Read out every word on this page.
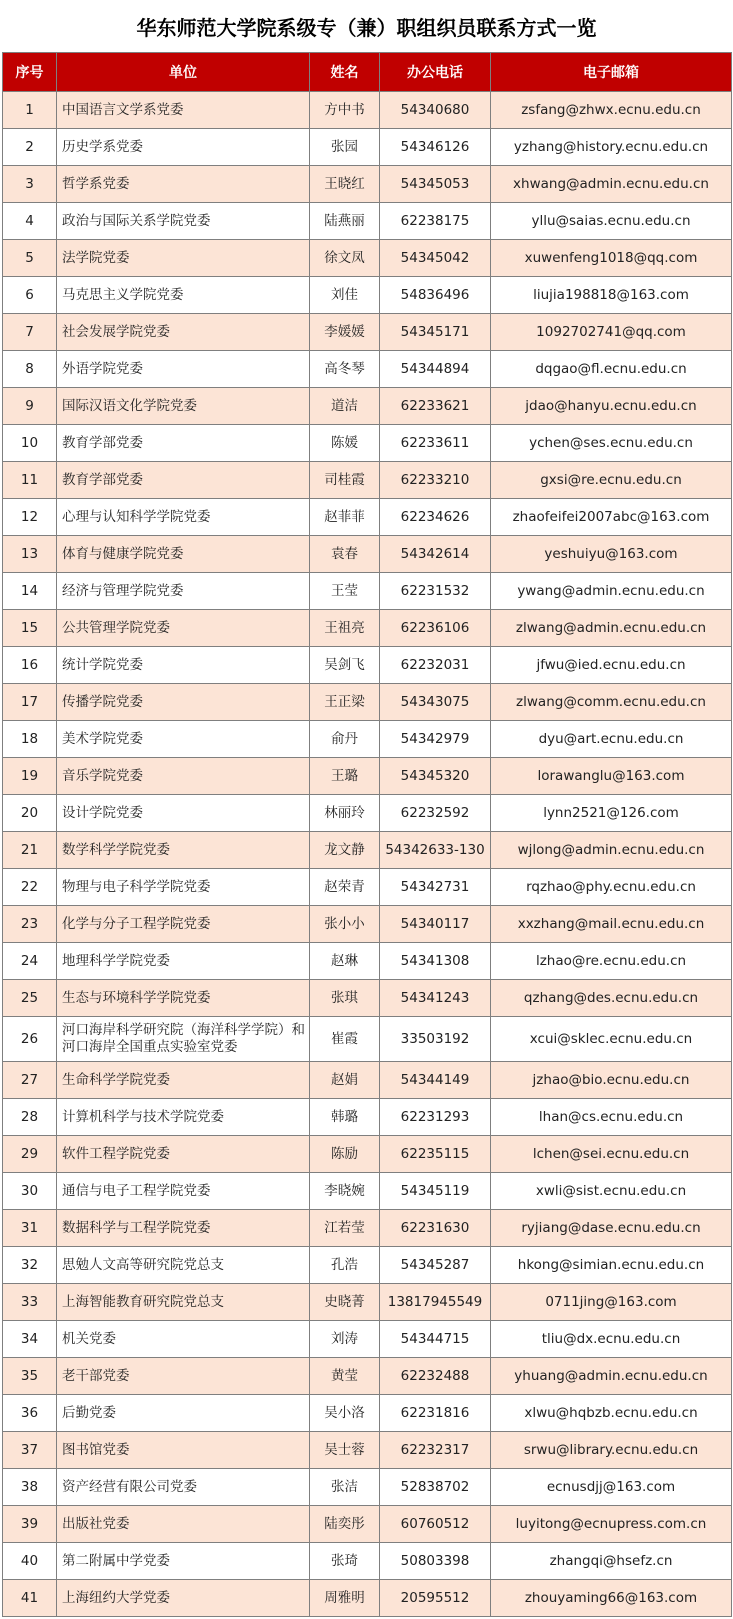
华东师范大学院系级专（兼）职组织员联系方式一览
序号	单位	姓名	办公电话	电子邮箱
1	中国语言文学系党委	方中书	54340680	zsfang@zhwx.ecnu.edu.cn
2	历史学系党委	张园	54346126	yzhang@history.ecnu.edu.cn
3	哲学系党委	王晓红	54345053	xhwang@admin.ecnu.edu.cn
4	政治与国际关系学院党委	陆燕丽	62238175	yllu@saias.ecnu.edu.cn
5	法学院党委	徐文凤	54345042	xuwenfeng1018@qq.com
6	马克思主义学院党委	刘佳	54836496	liujia198818@163.com
7	社会发展学院党委	李媛媛	54345171	1092702741@qq.com
8	外语学院党委	高冬琴	54344894	dqgao@fl.ecnu.edu.cn
9	国际汉语文化学院党委	道洁	62233621	jdao@hanyu.ecnu.edu.cn
10	教育学部党委	陈媛	62233611	ychen@ses.ecnu.edu.cn
11	教育学部党委	司桂霞	62233210	gxsi@re.ecnu.edu.cn
12	心理与认知科学学院党委	赵菲菲	62234626	zhaofeifei2007abc@163.com
13	体育与健康学院党委	袁春	54342614	yeshuiyu@163.com
14	经济与管理学院党委	王莹	62231532	ywang@admin.ecnu.edu.cn
15	公共管理学院党委	王祖亮	62236106	zlwang@admin.ecnu.edu.cn
16	统计学院党委	吴剑飞	62232031	jfwu@ied.ecnu.edu.cn
17	传播学院党委	王正梁	54343075	zlwang@comm.ecnu.edu.cn
18	美术学院党委	俞丹	54342979	dyu@art.ecnu.edu.cn
19	音乐学院党委	王璐	54345320	lorawanglu@163.com
20	设计学院党委	林丽玲	62232592	lynn2521@126.com
21	数学科学学院党委	龙文静	54342633-130	wjlong@admin.ecnu.edu.cn
22	物理与电子科学学院党委	赵荣青	54342731	rqzhao@phy.ecnu.edu.cn
23	化学与分子工程学院党委	张小小	54340117	xxzhang@mail.ecnu.edu.cn
24	地理科学学院党委	赵琳	54341308	lzhao@re.ecnu.edu.cn
25	生态与环境科学学院党委	张琪	54341243	qzhang@des.ecnu.edu.cn
26	河口海岸科学研究院（海洋科学学院）和河口海岸全国重点实验室党委	崔霞	33503192	xcui@sklec.ecnu.edu.cn
27	生命科学学院党委	赵娟	54344149	jzhao@bio.ecnu.edu.cn
28	计算机科学与技术学院党委	韩璐	62231293	lhan@cs.ecnu.edu.cn
29	软件工程学院党委	陈励	62235115	lchen@sei.ecnu.edu.cn
30	通信与电子工程学院党委	李晓婉	54345119	xwli@sist.ecnu.edu.cn
31	数据科学与工程学院党委	江若莹	62231630	ryjiang@dase.ecnu.edu.cn
32	思勉人文高等研究院党总支	孔浩	54345287	hkong@simian.ecnu.edu.cn
33	上海智能教育研究院党总支	史晓菁	13817945549	0711jing@163.com
34	机关党委	刘涛	54344715	tliu@dx.ecnu.edu.cn
35	老干部党委	黄莹	62232488	yhuang@admin.ecnu.edu.cn
36	后勤党委	吴小洛	62231816	xlwu@hqbzb.ecnu.edu.cn
37	图书馆党委	吴士蓉	62232317	srwu@library.ecnu.edu.cn
38	资产经营有限公司党委	张洁	52838702	ecnusdjj@163.com
39	出版社党委	陆奕彤	60760512	luyitong@ecnupress.com.cn
40	第二附属中学党委	张琦	50803398	zhangqi@hsefz.cn
41	上海纽约大学党委	周雅明	20595512	zhouyaming66@163.com
